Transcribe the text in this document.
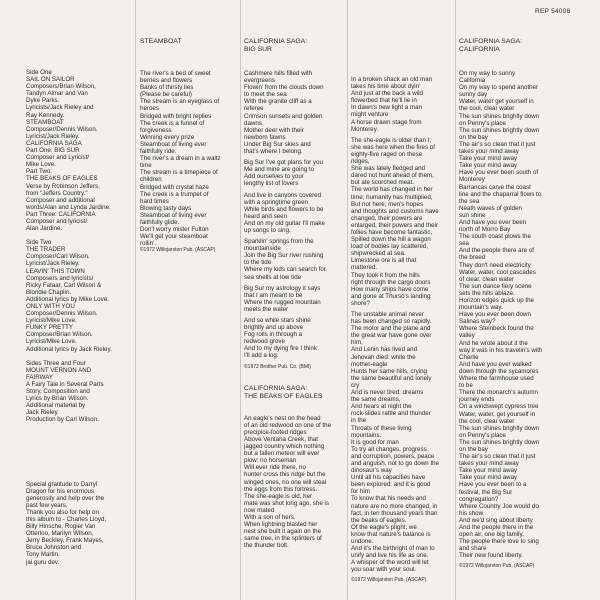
REP 54008
Side One
SAIL ON SAILOR
Composers/Brian Wilson,
Tandyn Almar and Van
Dyke Parks.
Lyricists/Jack Rieley and
Ray Kennedy.
STEAMBOAT
Composer/Dennis Wilson.
Lyricist/Jack Rieley.
CALIFORNIA SAGA
Part One: BIG SUR
Composer and Lyricist/
Mike Love.
Part Two:
THE BEAKS OF EAGLES
Verse by Robinson Jeffers,
from "Jeffers Country."
Composer and additional
words/Alan and Lynda Jardine.
Part Three: CALIFORNIA
Composer and lyricist/
Alan Jardine.
Side Two
THE TRADER
Composer/Carl Wilson.
Lyricist/Jack Rieley.
LEAVIN' THIS TOWN
Composers and lyricists/
Ricky Fataar, Carl Wilson &
Blondie Chaplin.
Additional lyrics by Mike Love.
ONLY WITH YOU
Composer/Dennis Wilson.
Lyricist/Mike Love.
FUNKY PRETTY
Composer/Brian Wilson.
Lyricist/Mike Love.
Additional lyrics by Jack Rieley.
Sides Three and Four
MOUNT VERNON AND
FAIRWAY
A Fairy Tale in Several Parts
Story, Composition and
Lyrics by Brian Wilson.
Additional material by
Jack Rieley.
Production by Carl Wilson.
Special gratitude to Darryl
Dragon for his enormous
generosity and help over the
past few years.
Thank you also for help on
this album to - Charles Lloyd,
Billy Hinsche, Rogier Van
Otterloo, Marilyn Wilson,
Jerry Beckley, Frank Mayes,
Bruce Johnston and
Tony Martin.
jai guru dev.

STEAMBOAT

The river's a bed of sweet
berries and flowers
Banks of thirsty lies
(Please be careful)
The stream is an eyeglass of
heroes
Bridged with bright replies
The creek is a funnel of
forgiveness
Winning every prize
Steamboat of living ever
faithfully ride.
The river's a dream in a waltz
time
The stream is a timepiece of
children
Bridged with crystal haze
The creek is a trumpet of
hard times
Blowing tasty days
Steamboat of living ever
faithfully glide.
Don't worry mister Fulton
We'll get your steamboat
rollin'.
©1972 Willojarston Pub. (ASCAP)

CALIFORNIA SAGA:

BIG SUR

Cashmere hills filled with
evergreens
Flowin' from the clouds down
to meet the sea
With the granite cliff as a
referee
Crimson sunsets and golden
dawns
Mother deer with their
newborn fawns
Under Big Sur skies and
that's where I belong.
Big Sur I've got plans for you
Me and mine are going to
Add ourselves to your
lengthy list of lovers
And live in canyons covered
with a springtime green
While birds and flowers to be
heard and seen
And on my old guitar I'll make
up songs to sing.
Sparklin' springs from the
mountainside
Join the Big Sur river rushing
to the tide
Where my kids can search for
sea shells at low tide
Big Sur my astrology it says
that I am meant to be
Where the rugged mountain
meets the water
And so while stars shine
brightly and up above
Fog rolls in through a
redwood grove
And to my dying fire I think
I'll add a log.
©1972 Brother Pub. Co. (BMI)

CALIFORNIA SAGA:

THE BEAKS OF EAGLES

An eagle's nest on the head
of an old redwood on one of the
precipice-footed ridges
Above Ventana Creek, that
jagged country which nothing
but a fallen meteor will ever
plow: no horseman
Will ever ride there, no
hunter cross this ridge but the
winged ones, no one will steal
the eggs from this fortress.
The she-eagle is old, her
mate was shot long ago, she is
now mated
With a son of hers.
When lightning blasted her
nest she built it again on the
same tree, in the splinters of
the thunder bolt.
In a broken shack an old man
takes his time about dyin'
And just at the back a wild
flowerbed that he'll lie in
In dawn's new light a man
might venture
A horse drawn stage from
Monterey.
The she-eagle is older than I;
she was here when the fires of
eighty-five raged on these
ridges,
She was lately fledged and
dared not hunt ahead of them,
but ate scorched meat.
The world has changed in her
time; humanity has multiplied,
But not here; men's hopes
and thoughts and customs have
changed, their powers are
enlarged, their powers and their
follies have become fantastic,
Spilled down the hill a wagon
load of bodies lay scattered,
shipwrecked at sea.
Limestone ore is all that
mattered.
They took it from the hills
right through the cargo doors
How many ships have come
and gone at Thurso's landing
shore?
The unstable animal never
has been changed so rapidly.
The motor and the plane and
the great war have gone over
him,
And Lenin has lived and
Jehovah died: while the
mother-eagle
Hunts her same hills, crying
the same beautiful and lonely
cry
And is never tired: dreams
the same dreams,
And hears at night the
rock-slides rattle and thunder
in the
Throats of these living
mountains.
It is good for man
To try all changes, progress
and corruption, powers, peace
and anguish, not to go down the
dinosaur's way
Until all his capacities have
been explored: and it is good
for him
To know that his needs and
nature are no more changed, in
fact, in ten thousand years than
the beaks of eagles.
Of the eagle's plight, we
know that nature's balance is
undone.
And it's the birthright of man to
unify and live his life as one.
A whisper of the word will let
you soar with your soul.
©1972 Willojarston Pub. (ASCAP)

CALIFORNIA SAGA:

CALIFORNIA

On my way to sunny
California
On my way to spend another
sunny day
Water, water get yourself in
the cool, clear water
The sun shines brightly down
on Penny's place
The sun shines brightly down
on the bay
The air's so clean that it just
takes your mind away
Take your mind away
Take your mind away
Have you ever been south of
Monterey
Barrancas carve the coast
line and the chaparral flows to
the sea
Neath waves of golden
sun shine
And have you ever been
north of Morro Bay
The south coast plows the
sea
And the people there are of
the breed
They don't need electricity
Water, water, cool cascades
of clear, clean water
The sun dance fiery scene
sets the hills ablaze.
Horizon edges quick up the
mountain's way.
Have you ever been down
Salinas way?
Where Steinbeck found the
valley
And he wrote about it the
way it was in his travelin's with
Charlie
And have you ever walked
down through the sycamores
Where the farmhouse used
to be
There the monarch's autumn
journey ends
On a windswept cypress tree
Water, water, get yourself in
the cool, clear water
The sun shines brightly down
on Penny's place
The sun shines brightly down
on the bay
The air's so clean that it just
takes your mind away
Take your mind away
Take your mind away
Have you ever been to a
festival, the Big Sur
congregation?
Where Country Joe would do
his show
And we'd sing about liberty
And the people there in the
open air, one big family,
The people there love to sing
and share
Their new found liberty.
©1972 Willojarston Pub. (ASCAP)
